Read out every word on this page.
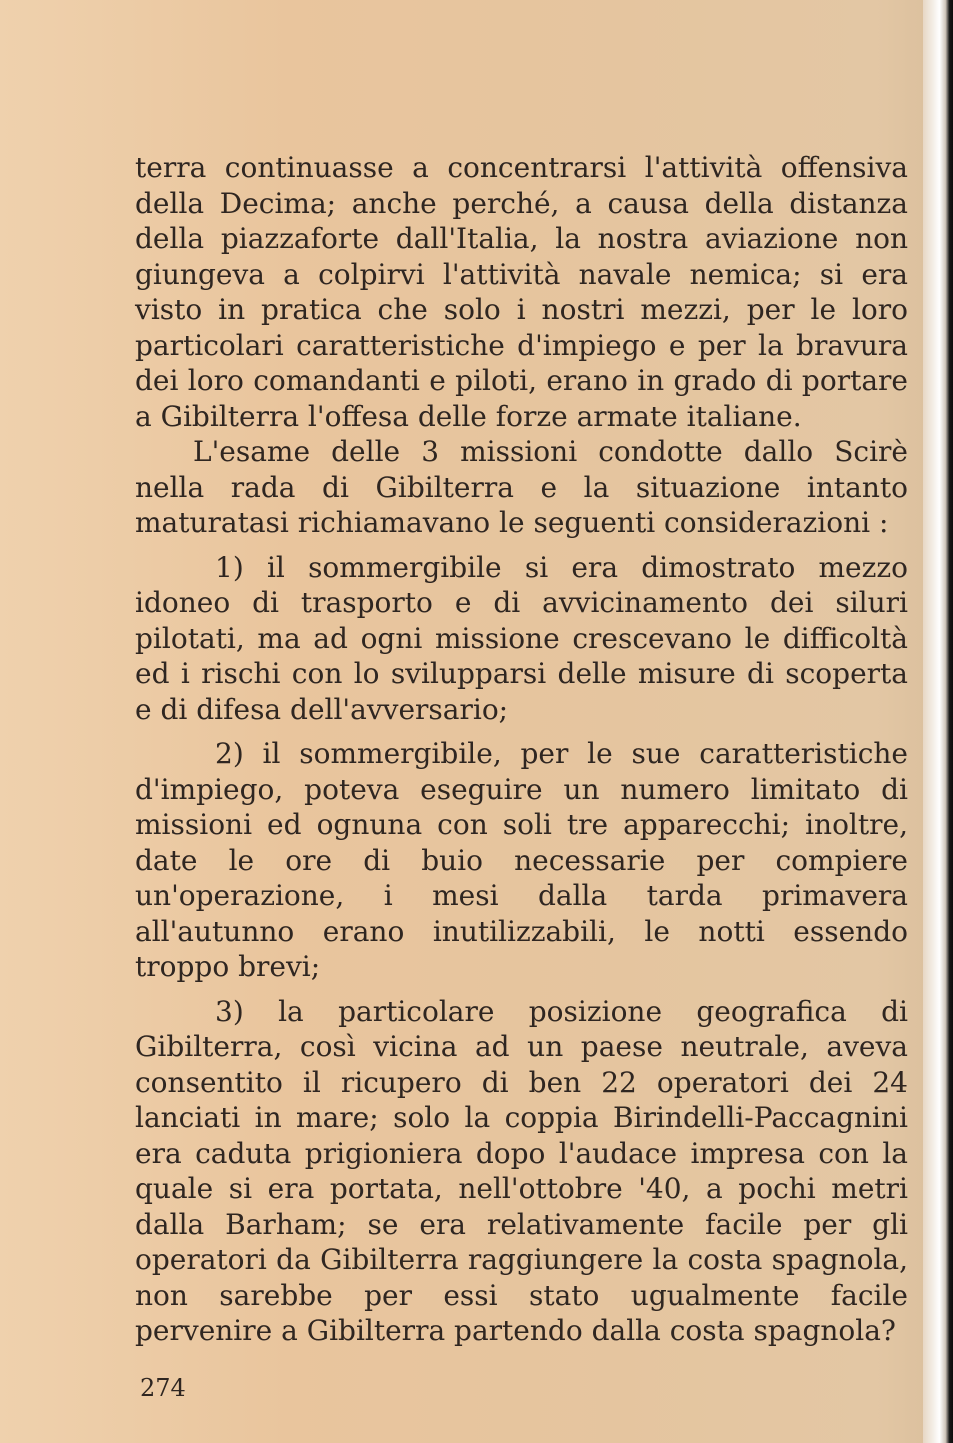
terra continuasse a concentrarsi l'attività offensiva della Decima; anche perché, a causa della distanza della piazzaforte dall'Italia, la nostra aviazione non giungeva a colpirvi l'attività navale nemica; si era visto in pratica che solo i nostri mezzi, per le loro particolari caratteristiche d'impiego e per la bravura dei loro comandanti e piloti, erano in grado di portare a Gibilterra l'offesa delle forze armate italiane.

L'esame delle 3 missioni condotte dallo Scirè nella rada di Gibilterra e la situazione intanto maturatasi richiamavano le seguenti considerazioni :

1) il sommergibile si era dimostrato mezzo idoneo di trasporto e di avvicinamento dei siluri pilotati, ma ad ogni missione crescevano le difficoltà ed i rischi con lo svilupparsi delle misure di scoperta e di difesa dell'avversario;

2) il sommergibile, per le sue caratteristiche d'impiego, poteva eseguire un numero limitato di missioni ed ognuna con soli tre apparecchi; inoltre, date le ore di buio necessarie per compiere un'operazione, i mesi dalla tarda primavera all'autunno erano inutilizzabili, le notti essendo troppo brevi;

3) la particolare posizione geografica di Gibilterra, così vicina ad un paese neutrale, aveva consentito il ricupero di ben 22 operatori dei 24 lanciati in mare; solo la coppia Birindelli-Paccagnini era caduta prigioniera dopo l'audace impresa con la quale si era portata, nell'ottobre '40, a pochi metri dalla Barham; se era relativamente facile per gli operatori da Gibilterra raggiungere la costa spagnola, non sarebbe per essi stato ugualmente facile pervenire a Gibilterra partendo dalla costa spagnola?

274
